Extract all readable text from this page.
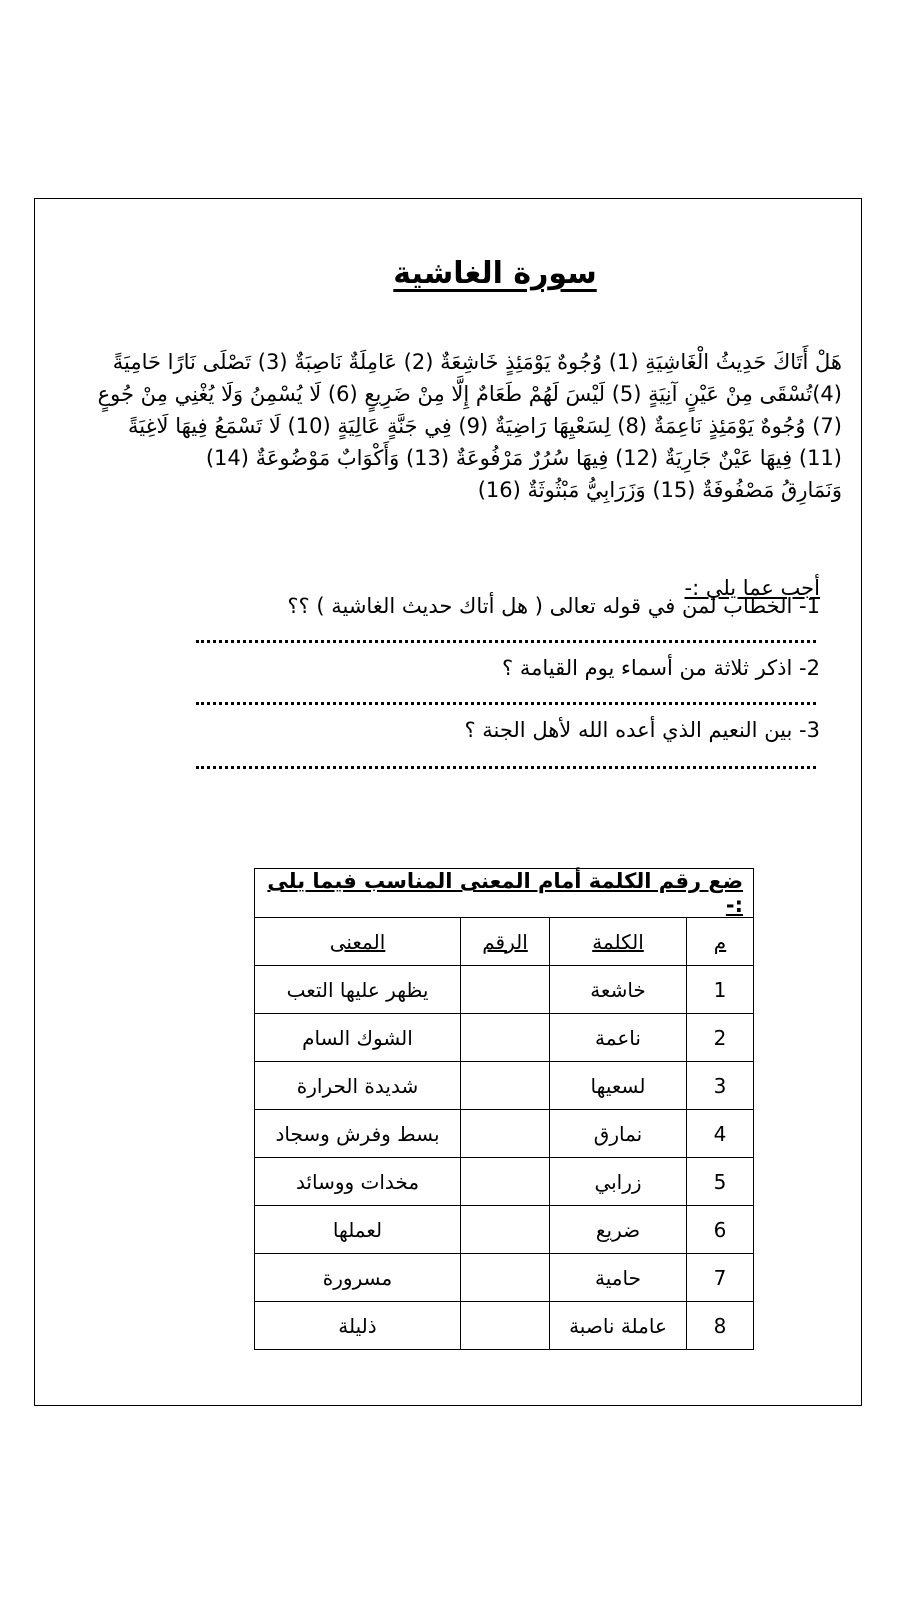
سورة الغاشية
هَلْ أَتَاكَ حَدِيثُ الْغَاشِيَةِ (1) وُجُوهٌ يَوْمَئِذٍ خَاشِعَةٌ (2) عَامِلَةٌ نَاصِبَةٌ (3) تَصْلَى نَارًا حَامِيَةً
(4)تُسْقَى مِنْ عَيْنٍ آنِيَةٍ (5) لَيْسَ لَهُمْ طَعَامٌ إِلَّا مِنْ ضَرِيعٍ (6) لَا يُسْمِنُ وَلَا يُغْنِي مِنْ جُوعٍ
(7) وُجُوهٌ يَوْمَئِذٍ نَاعِمَةٌ (8) لِسَعْيِهَا رَاضِيَةٌ (9) فِي جَنَّةٍ عَالِيَةٍ (10) لَا تَسْمَعُ فِيهَا لَاغِيَةً
(11) فِيهَا عَيْنٌ جَارِيَةٌ (12) فِيهَا سُرُرٌ مَرْفُوعَةٌ (13) وَأَكْوَابٌ مَوْضُوعَةٌ (14)
وَنَمَارِقُ مَصْفُوفَةٌ (15) وَزَرَابِيُّ مَبْثُوثَةٌ (16)
أجب عما يلي :-
1- الخطاب لمن في قوله تعالى ( هل أتاك حديث الغاشية ) ؟؟
2- اذكر ثلاثة من أسماء يوم القيامة ؟
3- بين النعيم الذي أعده الله لأهل الجنة ؟
ضع رقم الكلمة أمام المعنى المناسب فيما يلى :-			
م	الكلمة	الرقم	المعنى
1	خاشعة		يظهر عليها التعب
2	ناعمة		الشوك السام
3	لسعيها		شديدة الحرارة
4	نمارق		بسط وفرش وسجاد
5	زرابي		مخدات ووسائد
6	ضريع		لعملها
7	حامية		مسرورة
8	عاملة ناصبة		ذليلة
